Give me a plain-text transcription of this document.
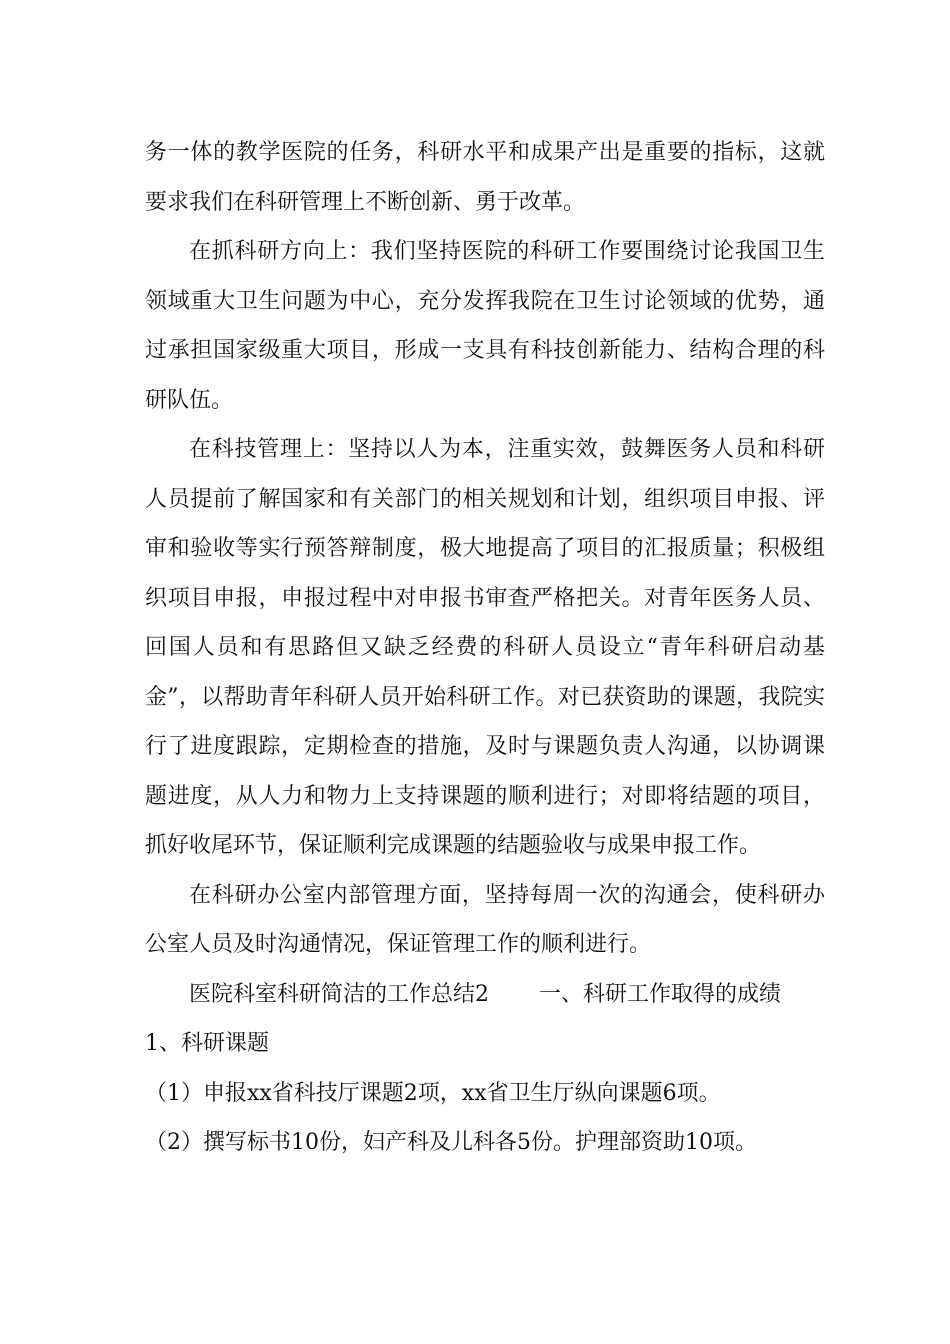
务一体的教学医院的任务，科研水平和成果产出是重要的指标，这就要求我们在科研管理上不断创新、勇于改革。

在抓科研方向上：我们坚持医院的科研工作要围绕讨论我国卫生领域重大卫生问题为中心，充分发挥我院在卫生讨论领域的优势，通过承担国家级重大项目，形成一支具有科技创新能力、结构合理的科研队伍。

在科技管理上：坚持以人为本，注重实效，鼓舞医务人员和科研人员提前了解国家和有关部门的相关规划和计划，组织项目申报、评审和验收等实行预答辩制度，极大地提高了项目的汇报质量；积极组织项目申报，申报过程中对申报书审查严格把关。对青年医务人员、回国人员和有思路但又缺乏经费的科研人员设立“青年科研启动基金”，以帮助青年科研人员开始科研工作。对已获资助的课题，我院实行了进度跟踪，定期检查的措施，及时与课题负责人沟通，以协调课题进度，从人力和物力上支持课题的顺利进行；对即将结题的项目，抓好收尾环节，保证顺利完成课题的结题验收与成果申报工作。

在科研办公室内部管理方面，坚持每周一次的沟通会，使科研办公室人员及时沟通情况，保证管理工作的顺利进行。

医院科室科研简洁的工作总结2 一、科研工作取得的成绩

1、科研课题

（1）申报xx省科技厅课题2项，xx省卫生厅纵向课题6项。

（2）撰写标书10份，妇产科及儿科各5份。护理部资助10项。
